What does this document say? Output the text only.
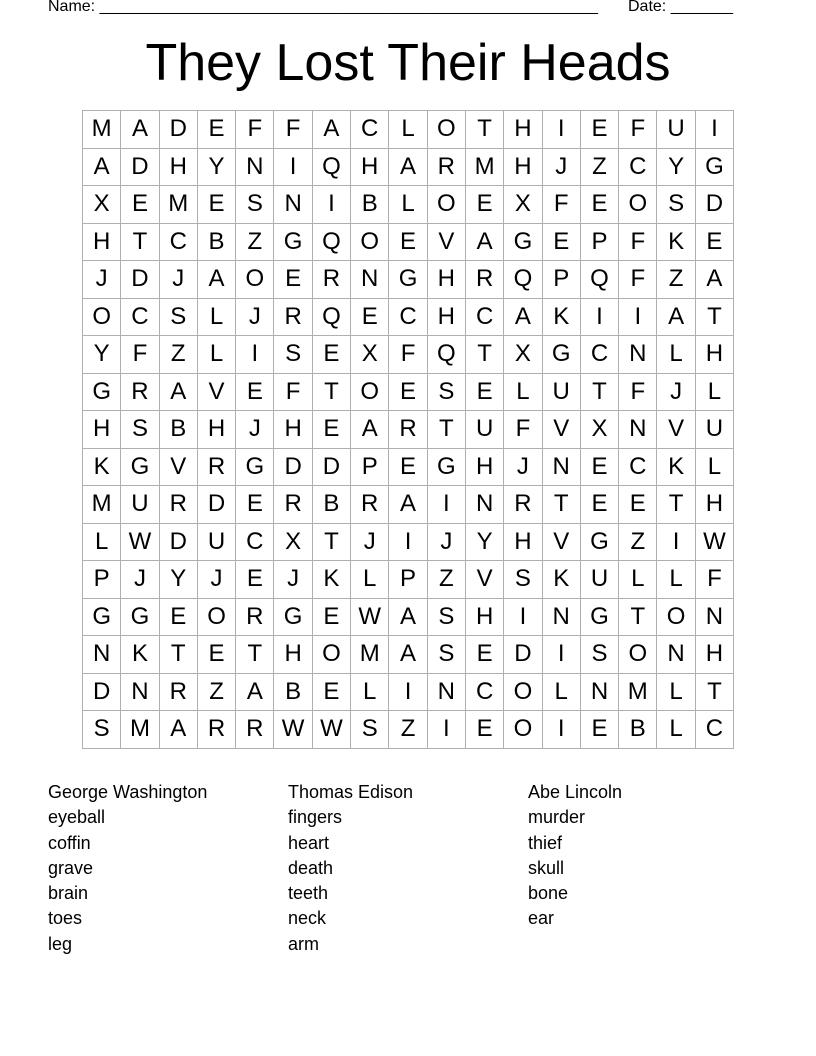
Name: ________________________________________________________ Date: _______
They Lost Their Heads
M	A	D	E	F	F	A	C	L	O	T	H	I	E	F	U	I
A	D	H	Y	N	I	Q	H	A	R	M	H	J	Z	C	Y	G
X	E	M	E	S	N	I	B	L	O	E	X	F	E	O	S	D
H	T	C	B	Z	G	Q	O	E	V	A	G	E	P	F	K	E
J	D	J	A	O	E	R	N	G	H	R	Q	P	Q	F	Z	A
O	C	S	L	J	R	Q	E	C	H	C	A	K	I	I	A	T
Y	F	Z	L	I	S	E	X	F	Q	T	X	G	C	N	L	H
G	R	A	V	E	F	T	O	E	S	E	L	U	T	F	J	L
H	S	B	H	J	H	E	A	R	T	U	F	V	X	N	V	U
K	G	V	R	G	D	D	P	E	G	H	J	N	E	C	K	L
M	U	R	D	E	R	B	R	A	I	N	R	T	E	E	T	H
L	W	D	U	C	X	T	J	I	J	Y	H	V	G	Z	I	W
P	J	Y	J	E	J	K	L	P	Z	V	S	K	U	L	L	F
G	G	E	O	R	G	E	W	A	S	H	I	N	G	T	O	N
N	K	T	E	T	H	O	M	A	S	E	D	I	S	O	N	H
D	N	R	Z	A	B	E	L	I	N	C	O	L	N	M	L	T
S	M	A	R	R	W	W	S	Z	I	E	O	I	E	B	L	C
George Washington
eyeball
coffin
grave
brain
toes
leg
Thomas Edison
fingers
heart
death
teeth
neck
arm
Abe Lincoln
murder
thief
skull
bone
ear
